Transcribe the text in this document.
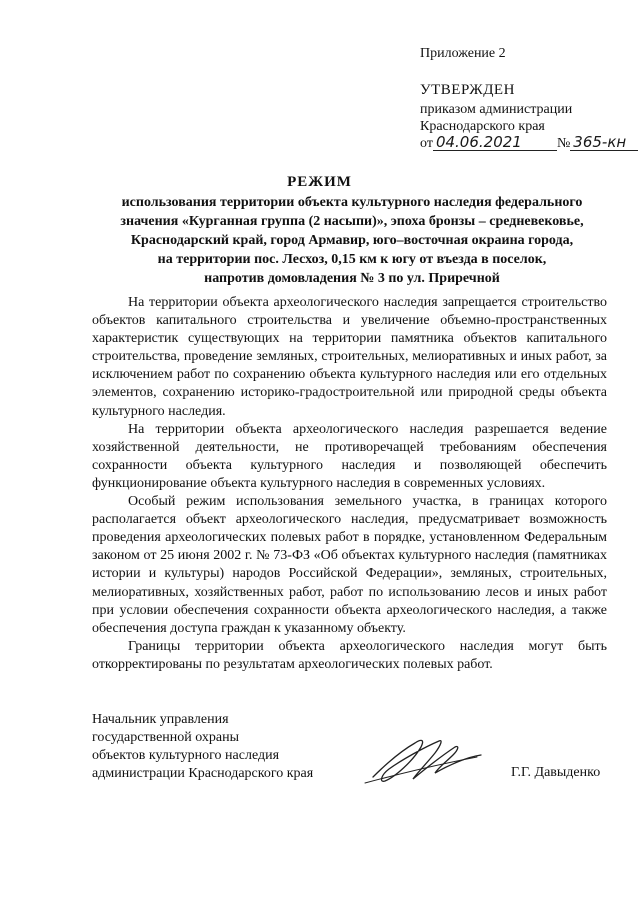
Приложение 2
УТВЕРЖДЕН
приказом администрации
Краснодарского края
от 04.06.2021	№ 365-кн
РЕЖИМ
использования территории объекта культурного наследия федерального
значения «Курганная группа (2 насыпи)», эпоха бронзы – средневековье,
Краснодарский край, город Армавир, юго–восточная окраина города,
на территории пос. Лесхоз, 0,15 км к югу от въезда в поселок,
напротив домовладения № 3 по ул. Приречной

На территории объекта археологического наследия запрещается строительство объектов капитального строительства и увеличение объемно-пространственных характеристик существующих на территории памятника объектов капитального строительства, проведение земляных, строительных, мелиоративных и иных работ, за исключением работ по сохранению объекта культурного наследия или его отдельных элементов, сохранению историко-градостроительной или природной среды объекта культурного наследия.

На территории объекта археологического наследия разрешается ведение хозяйственной деятельности, не противоречащей требованиям обеспечения сохранности объекта культурного наследия и позволяющей обеспечить функционирование объекта культурного наследия в современных условиях.

Особый режим использования земельного участка, в границах которого располагается объект археологического наследия, предусматривает возможность проведения археологических полевых работ в порядке, установленном Федеральным законом от 25 июня 2002 г. № 73-ФЗ «Об объектах культурного наследия (памятниках истории и культуры) народов Российской Федерации», земляных, строительных, мелиоративных, хозяйственных работ, работ по использованию лесов и иных работ при условии обеспечения сохранности объекта археологического наследия, а также обеспечения доступа граждан к указанному объекту.

Границы территории объекта археологического наследия могут быть откорректированы по результатам археологических полевых работ.

Начальник управления
государственной охраны
объектов культурного наследия
администрации Краснодарского края	Г.Г. Давыденко
